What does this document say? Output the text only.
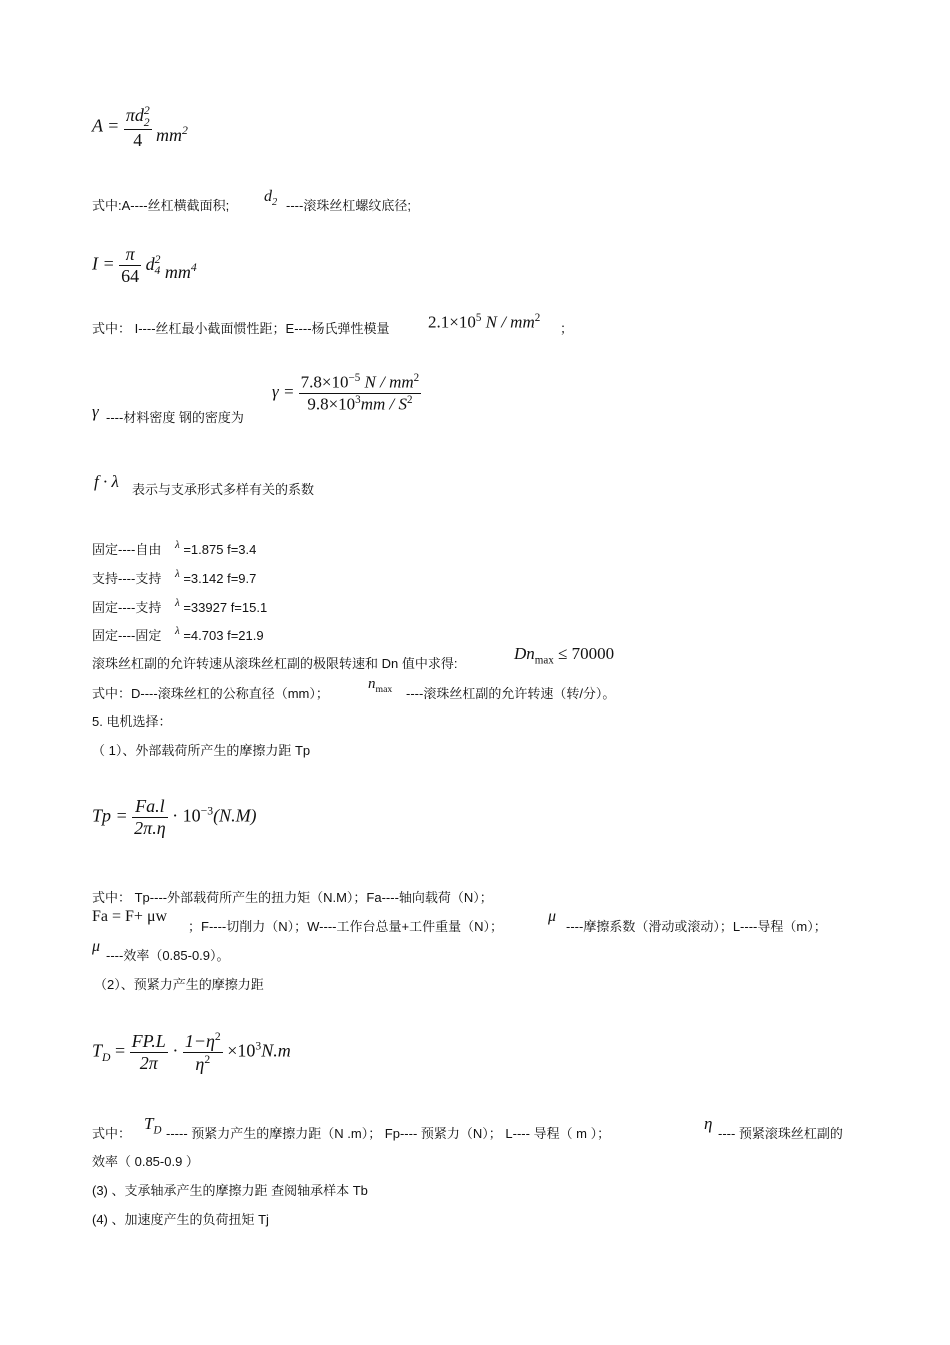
$A = \frac{\pi d^2_2}{4} mm^2$
式中:A----丝杠横截面积;
$d_2$ ----滚珠丝杠螺纹底径;
$I = \frac{\pi}{64} d^2_4$ $mm^4$
式中： I----丝杠最小截面惯性距；E----杨氏弹性模量 $2.1\times 10^5$ N / $mm^2$
；
γ ----材料密度 钢的密度为
$\gamma = \frac{7.8\times 10^{-5} N / mm^2}{9.8\times 10^3mm / S^2}$
f · λ 表示与支承形式多样有关的系数
固定----自由 $^\lambda$ =1.875 f=3.4
支持----支持 $^\lambda$ =3.142 f=9.7
固定----支持 $^\lambda$ =33927 f=15.1
固定----固定 $^\lambda$ =4.703 f=21.9
滚珠丝杠副的允许转速从滚珠丝杠副的极限转速和 Dn 值中求得:
$Dn_{max} \le 70000$
式中：D----滚珠丝杠的公称直径（mm）；
$n_{max}$ ----滚珠丝杠副的允许转速（转/分）。
5. 电机选择：
（ 1）、外部载荷所产生的摩擦力距 Tp
$Tp = \frac{Fa.l}{2\pi.\eta} \cdot 10^{-3}(N.M)$
式中： Tp----外部载荷所产生的扭力矩（N.M）；Fa----轴向载荷（N）；
Fa = F+ μw
；F----切削力（N）；W----工作台总量+工件重量（N）；
μ
----摩擦系数（滑动或滚动）；L----导程（m）；
μ
----效率（0.85-0.9）。
（2）、预紧力产生的摩擦力距
$T_D = \frac{FP.L}{2\pi} \cdot \frac{1-\eta^2}{\eta^2} \times 10^3N.m$
式中：
$T_D$ ----- 预紧力产生的摩擦力距（N .m）； Fp---- 预紧力（N）； L---- 导程（ m ）；
η
---- 预紧滚珠丝杠副的
效率（ 0.85-0.9 ）
(3) 、支承轴承产生的摩擦力距 查阅轴承样本 Tb
(4) 、加速度产生的负荷扭矩 Tj
